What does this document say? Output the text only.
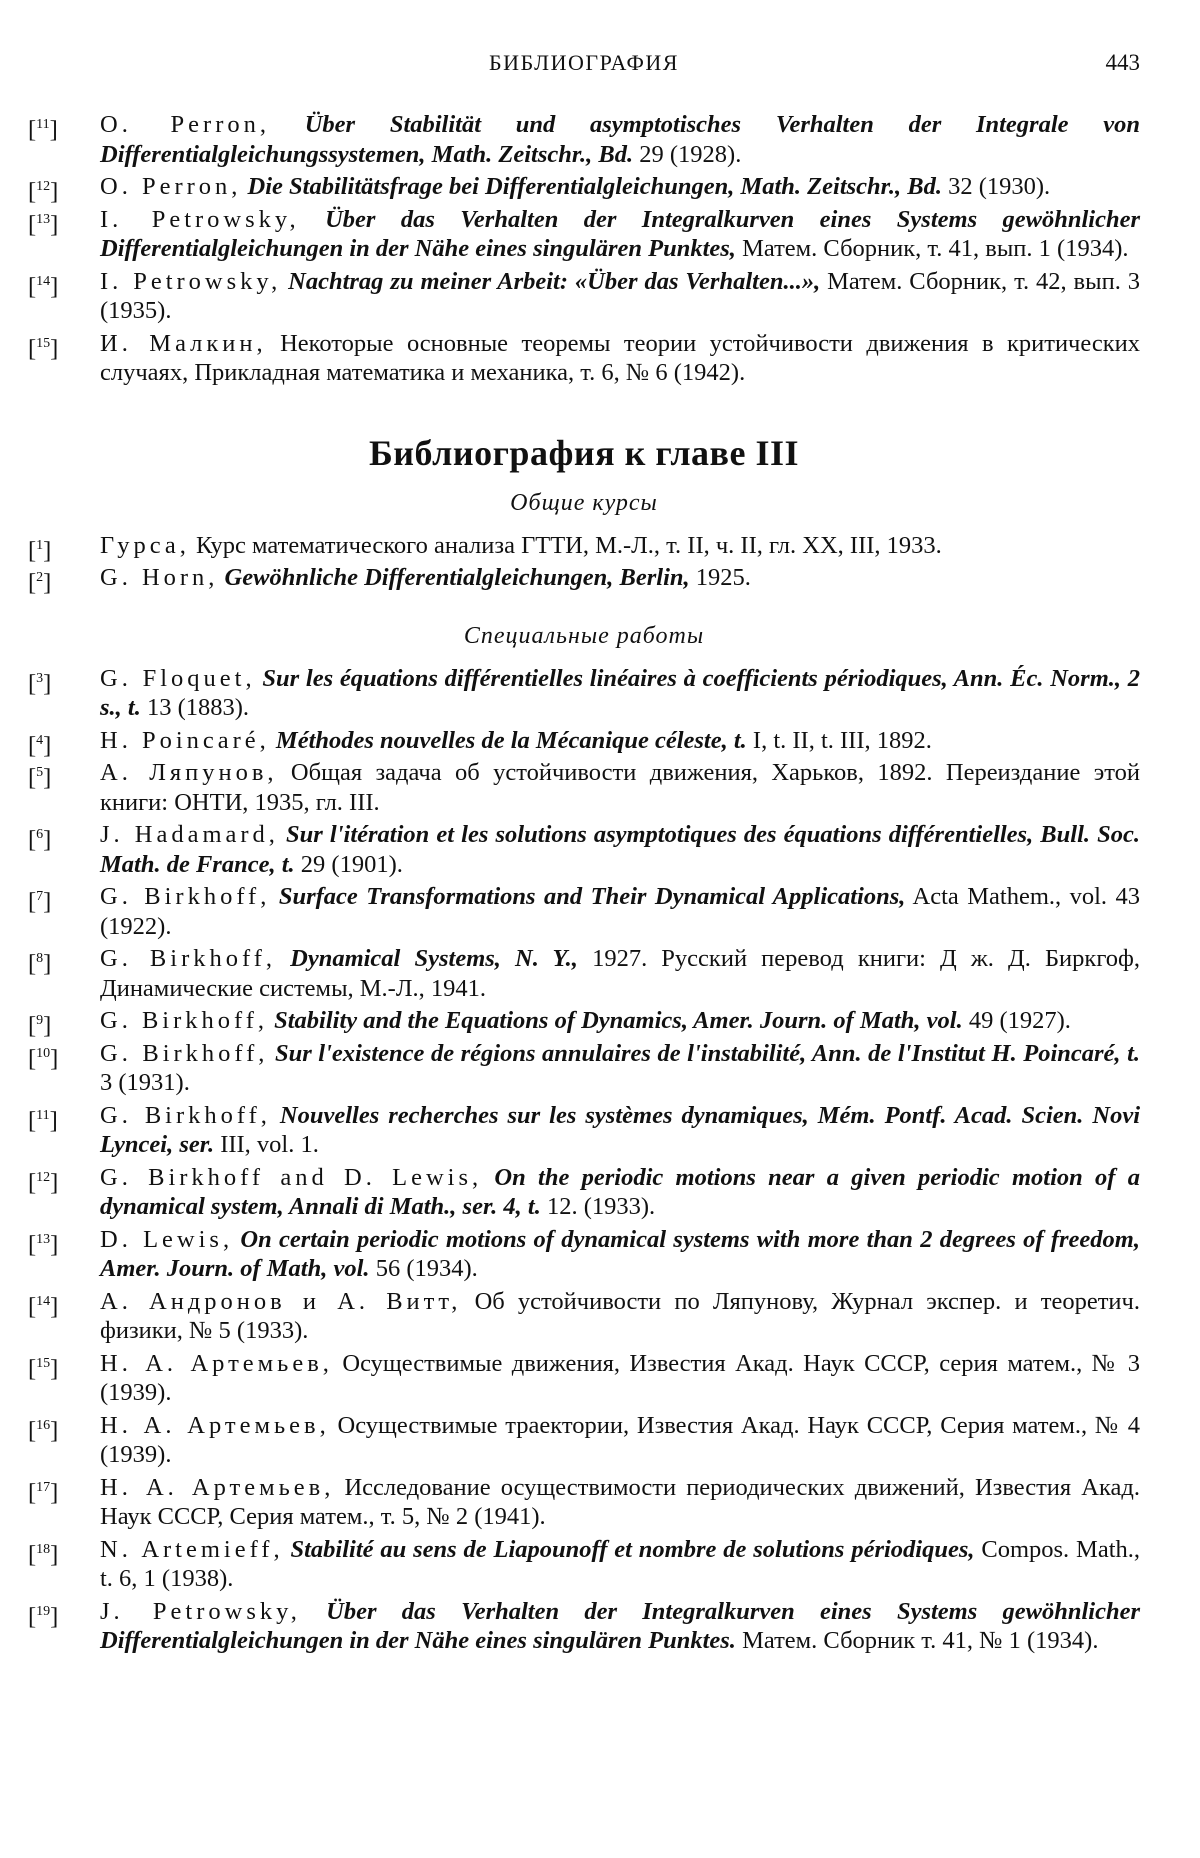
БИБЛИОГРАФИЯ	443
[$^{11}$]	O. Perron, Über Stabilität und asymptotisches Verhalten der Integrale von Differentialgleichungssystemen, Math. Zeitschr., Bd. 29 (1928).
[$^{12}$]	O. Perron, Die Stabilitätsfrage bei Differentialgleichungen, Math. Zeitschr., Bd. 32 (1930).
[$^{13}$]	I. Petrowsky, Über das Verhalten der Integralkurven eines Systems gewöhnlicher Differentialgleichungen in der Nähe eines singulären Punktes, Матем. Сборник, т. 41, вып. 1 (1934).
[$^{14}$]	I. Petrowsky, Nachtrag zu meiner Arbeit: «Über das Verhalten...», Матем. Сборник, т. 42, вып. 3 (1935).
[$^{15}$]	И. Малкин, Некоторые основные теоремы теории устойчивости движения в критических случаях, Прикладная математика и механика, т. 6, № 6 (1942).
Библиография к главе III
Общие курсы
[$^1$]	Гурса, Курс математического анализа ГТТИ, М.-Л., т. II, ч. II, гл. XX, III, 1933.
[$^2$]	G. Horn, Gewöhnliche Differentialgleichungen, Berlin, 1925.
Специальные работы
[$^3$]	G. Floquet, Sur les équations différentielles linéaires à coefficients périodiques, Ann. Éc. Norm., 2 s., t. 13 (1883).
[$^4$]	H. Poincaré, Méthodes nouvelles de la Mécanique céleste, t. I, t. II, t. III, 1892.
[$^5$]	А. Ляпунов, Общая задача об устойчивости движения, Харьков, 1892. Переиздание этой книги: ОНТИ, 1935, гл. III.
[$^6$]	J. Hadamard, Sur l'itération et les solutions asymptotiques des équations différentielles, Bull. Soc. Math. de France, t. 29 (1901).
[$^7$]	G. Birkhoff, Surface Transformations and Their Dynamical Applications, Acta Mathem., vol. 43 (1922).
[$^8$]	G. Birkhoff, Dynamical Systems, N. Y., 1927. Русский перевод книги: Д ж. Д. Биркгоф, Динамические системы, М.-Л., 1941.
[$^9$]	G. Birkhoff, Stability and the Equations of Dynamics, Amer. Journ. of Math, vol. 49 (1927).
[$^{10}$]	G. Birkhoff, Sur l'existence de régions annulaires de l'instabilité, Ann. de l'Institut H. Poincaré, t. 3 (1931).
[$^{11}$]	G. Birkhoff, Nouvelles recherches sur les systèmes dynamiques, Mém. Pontf. Acad. Scien. Novi Lyncei, ser. III, vol. 1.
[$^{12}$]	G. Birkhoff and D. Lewis, On the periodic motions near a given periodic motion of a dynamical system, Annali di Math., ser. 4, t. 12. (1933).
[$^{13}$]	D. Lewis, On certain periodic motions of dynamical systems with more than 2 degrees of freedom, Amer. Journ. of Math, vol. 56 (1934).
[$^{14}$]	А. Андронов и А. Витт, Об устойчивости по Ляпунову, Журнал экспер. и теоретич. физики, № 5 (1933).
[$^{15}$]	Н. А. Артемьев, Осуществимые движения, Известия Акад. Наук СССР, серия матем., № 3 (1939).
[$^{16}$]	Н. А. Артемьев, Осуществимые траектории, Известия Акад. Наук СССР, Серия матем., № 4 (1939).
[$^{17}$]	Н. А. Артемьев, Исследование осуществимости периодических движений, Известия Акад. Наук СССР, Серия матем., т. 5, № 2 (1941).
[$^{18}$]	N. Artemieff, Stabilité au sens de Liapounoff et nombre de solutions périodiques, Compos. Math., t. 6, 1 (1938).
[$^{19}$]	J. Petrowsky, Über das Verhalten der Integralkurven eines Systems gewöhnlicher Differentialgleichungen in der Nähe eines singulären Punktes. Матем. Сборник т. 41, № 1 (1934).
